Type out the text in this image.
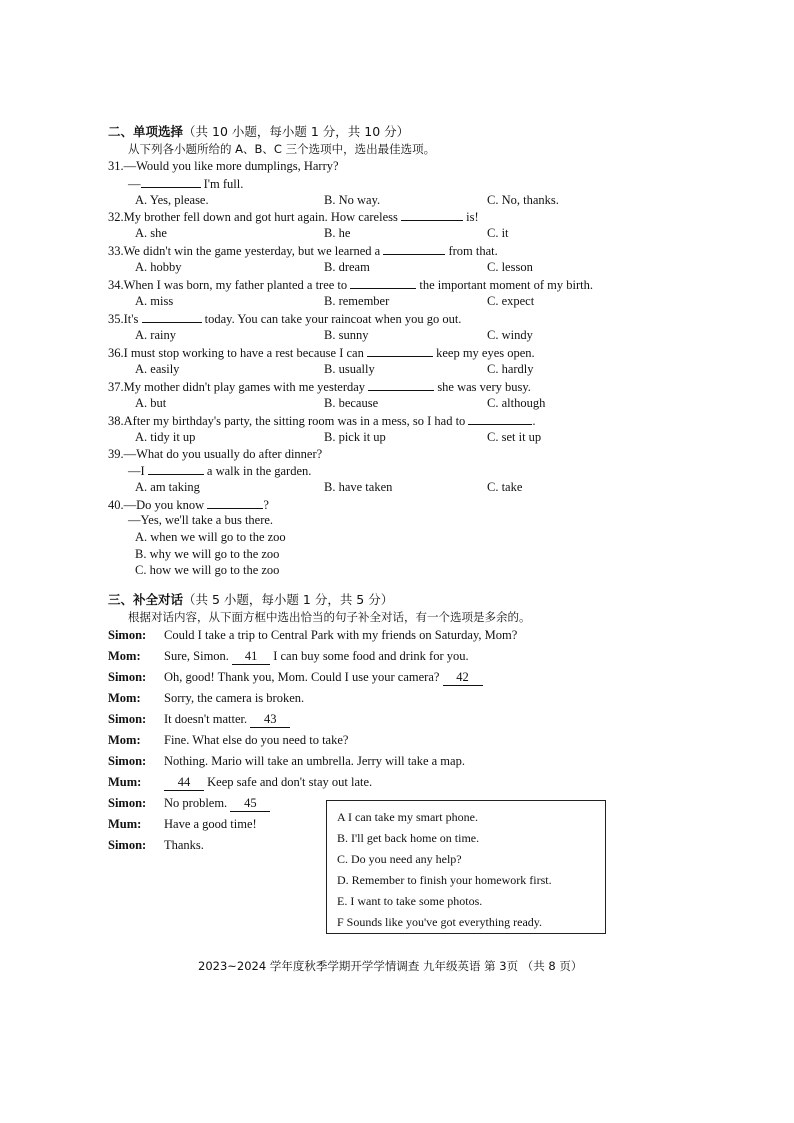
二、单项选择（共 10 小题，每小题 1 分，共 10 分）
从下列各小题所给的 A、B、C 三个选项中，选出最佳选项。
31.—Would you like more dumplings, Harry?
—	I'm full.
A. Yes, please.	B. No way.	C. No, thanks.
32.My brother fell down and got hurt again. How careless	is!
A. she	B. he	C. it
33.We didn't win the game yesterday, but we learned a	from that.
A. hobby	B. dream	C. lesson
34.When I was born, my father planted a tree to	the important moment of my birth.
A. miss	B. remember	C. expect
35.It's	today. You can take your raincoat when you go out.
A. rainy	B. sunny	C. windy
36.I must stop working to have a rest because I can	keep my eyes open.
A. easily	B. usually	C. hardly
37.My mother didn't play games with me yesterday	she was very busy.
A. but	B. because	C. although
38.After my birthday's party, the sitting room was in a mess, so I had to	.
A. tidy it up	B. pick it up	C. set it up
39.—What do you usually do after dinner?
—I	a walk in the garden.
A. am taking	B. have taken	C. take
40.—Do you know	?
—Yes, we'll take a bus there.
A. when we will go to the zoo
B. why we will go to the zoo
C. how we will go to the zoo
三、补全对话（共 5 小题，每小题 1 分，共 5 分）
根据对话内容，从下面方框中选出恰当的句子补全对话，有一个选项是多余的。
Simon: Could I take a trip to Central Park with my friends on Saturday, Mom?
Mom: Sure, Simon. 41 I can buy some food and drink for you.
Simon: Oh, good! Thank you, Mom. Could I use your camera? 42
Mom: Sorry, the camera is broken.
Simon: It doesn't matter. 43
Mom: Fine. What else do you need to take?
Simon: Nothing. Mario will take an umbrella. Jerry will take a map.
Mum:	44 Keep safe and don't stay out late.
Simon: No problem. 45
Mum: Have a good time!
Simon: Thanks.
A I can take my smart phone.
B. I'll get back home on time.
C. Do you need any help?
D. Remember to finish your homework first.
E. I want to take some photos.
F Sounds like you've got everything ready.
2023~2024 学年度秋季学期开学学情调查 九年级英语 第 3页 （共 8 页）
